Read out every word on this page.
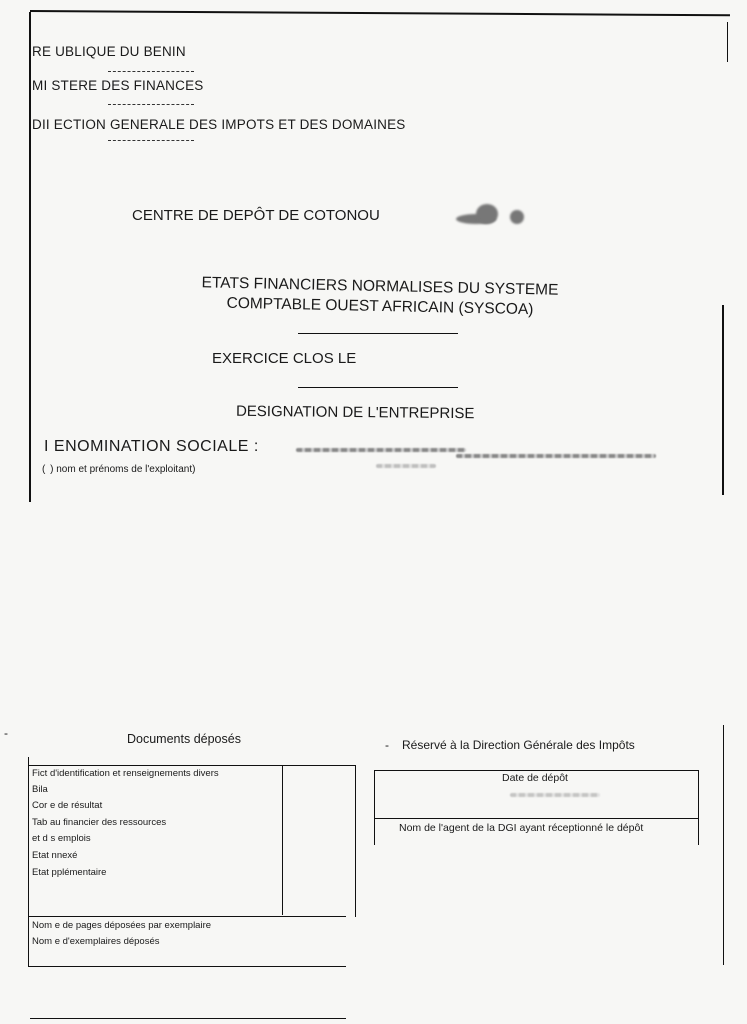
RE UBLIQUE DU BENIN
MI STERE DES FINANCES
DII ECTION GENERALE DES IMPOTS ET DES DOMAINES
CENTRE DE DEPÔT DE COTONOU
ETATS FINANCIERS NORMALISES DU SYSTEME
COMPTABLE OUEST AFRICAIN (SYSCOA)
EXERCICE CLOS LE
DESIGNATION DE L'ENTREPRISE
I ENOMINATION SOCIALE :
(  ) nom et prénoms de l'exploitant)
Documents déposés
Fict d'identification et renseignements divers
Bila
Cor e de résultat
Tab au financier des ressources
et d s emplois
Etat nnexé
Etat pplémentaire
Nom e de pages déposées par exemplaire
Nom e d'exemplaires déposés
Réservé à la Direction Générale des Impôts
-
-
Date de dépôt
Nom de l'agent de la DGI ayant réceptionné le dépôt
